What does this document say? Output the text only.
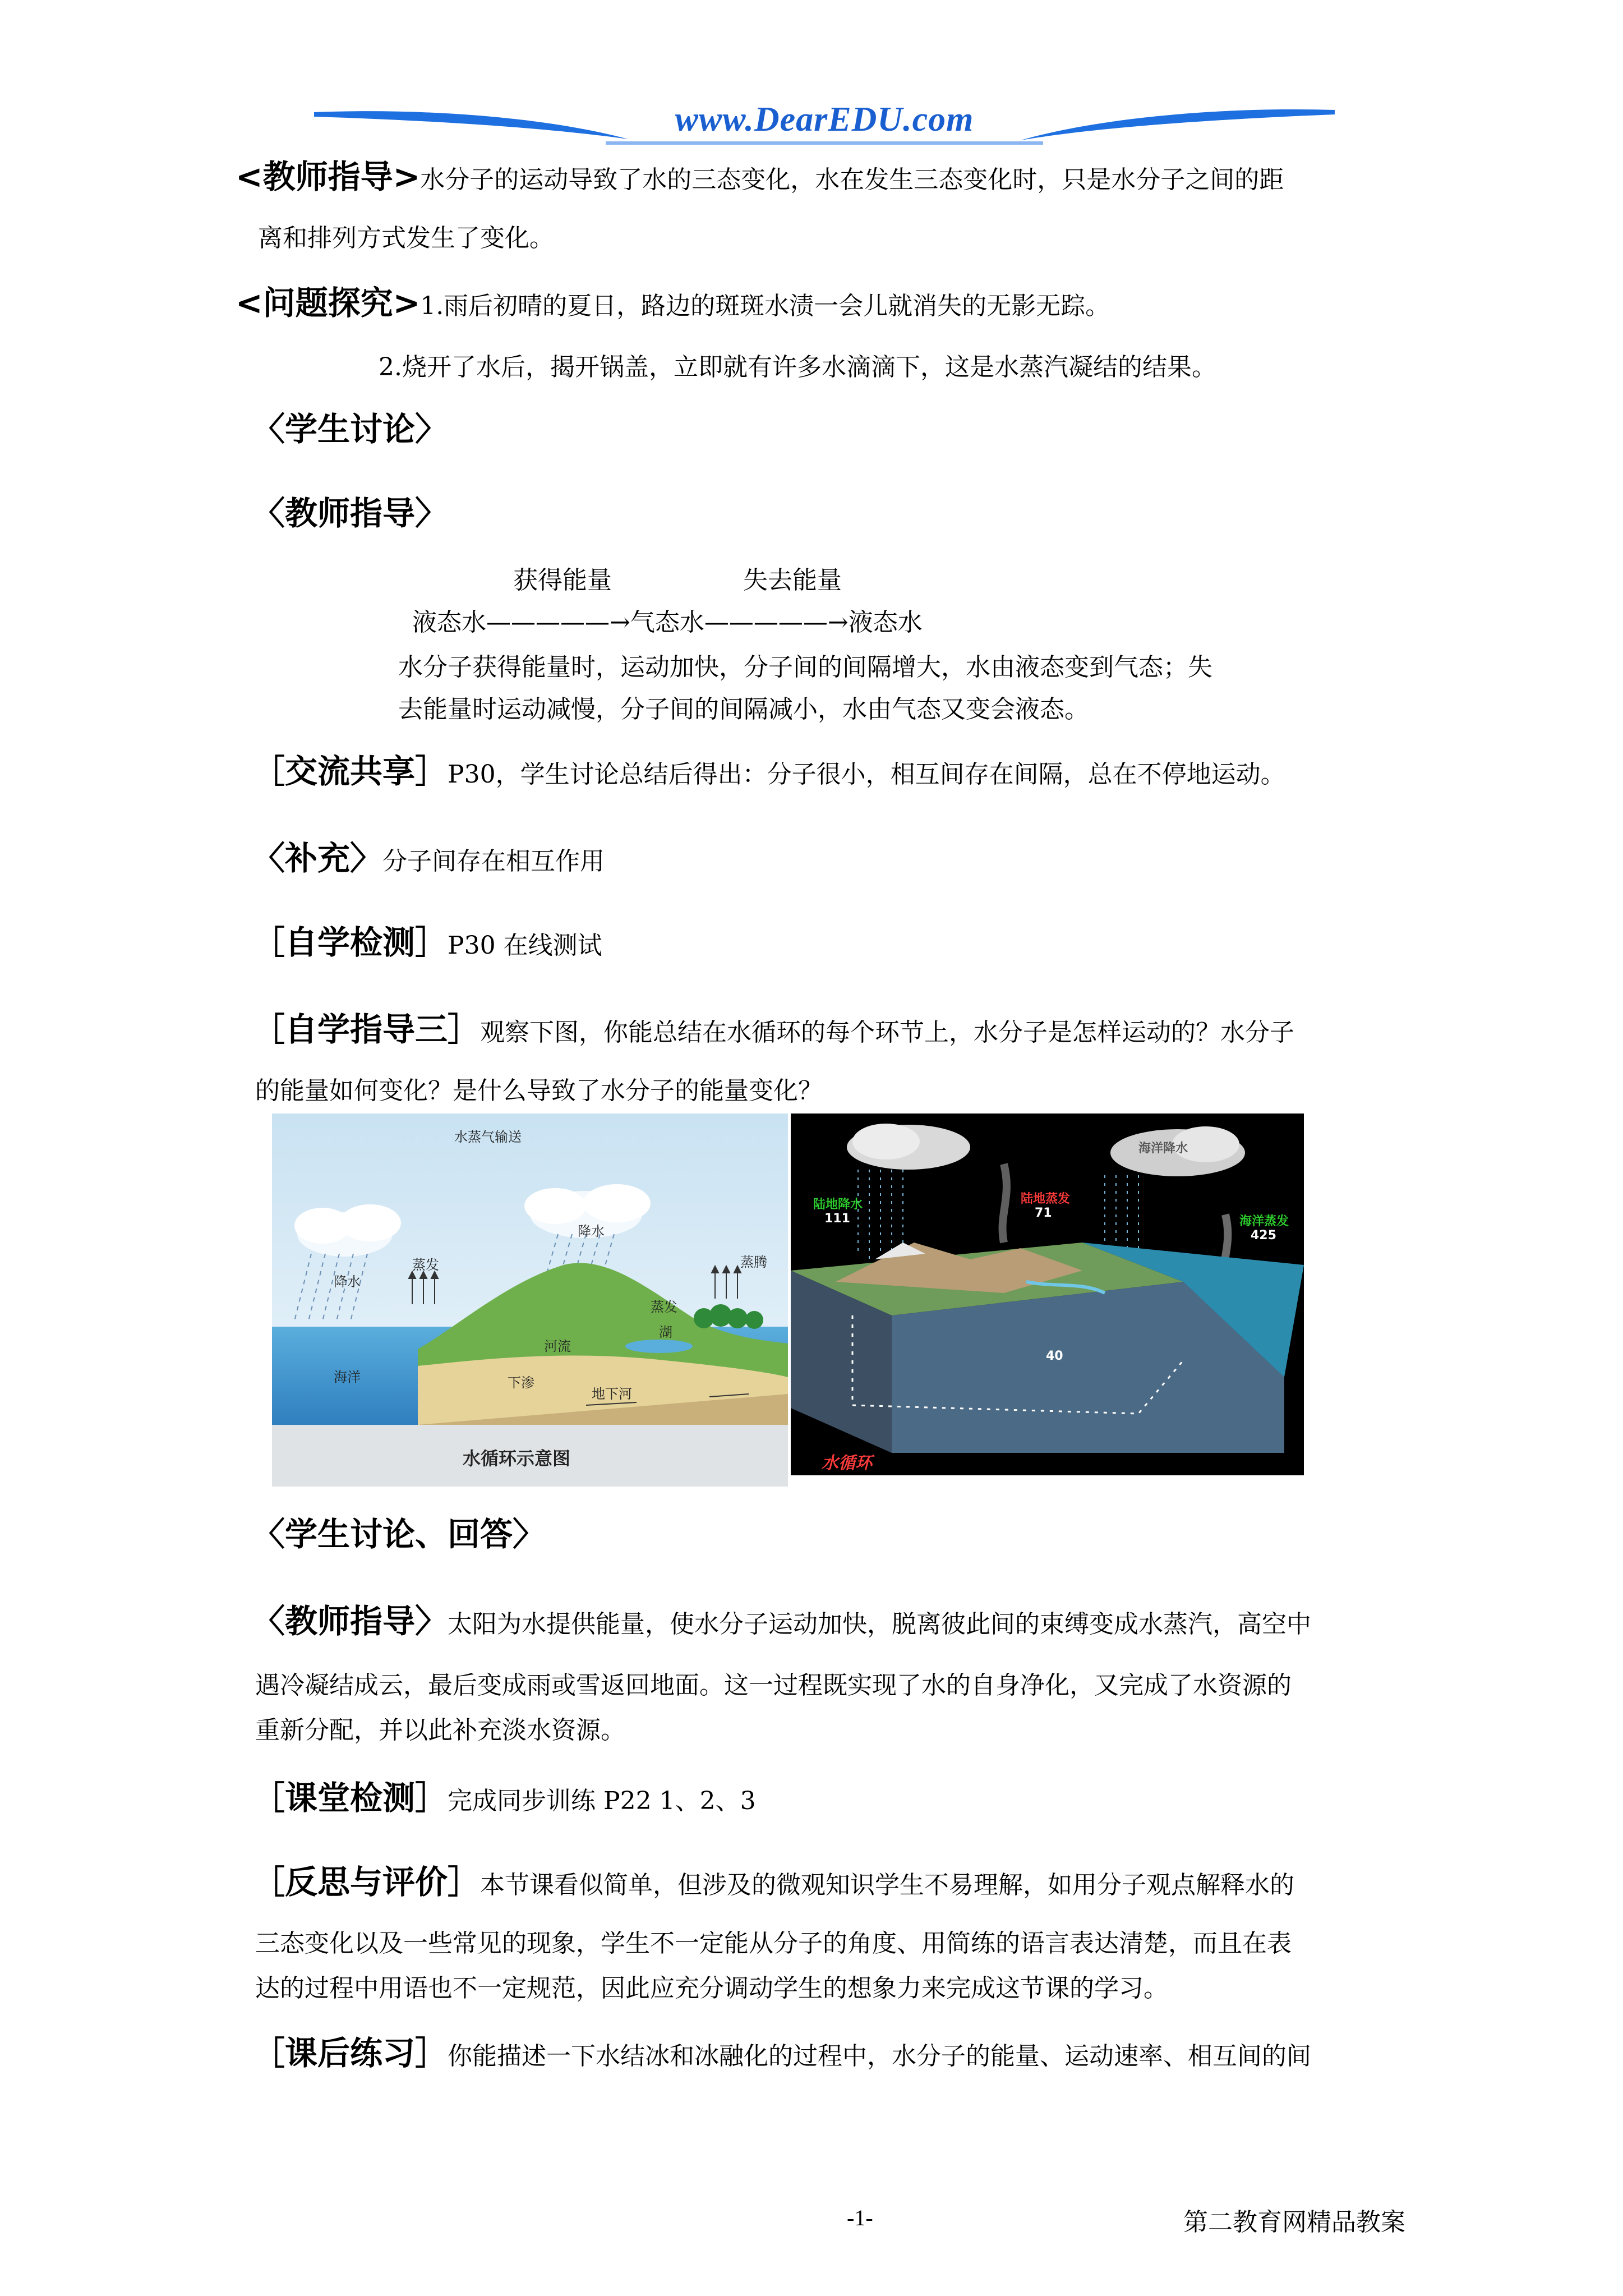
www.DearEDU.com
<教师指导>水分子的运动导致了水的三态变化，水在发生三态变化时，只是水分子之间的距
离和排列方式发生了变化。
<问题探究>1.雨后初晴的夏日，路边的斑斑水渍一会儿就消失的无影无踪。
2.烧开了水后，揭开锅盖，立即就有许多水滴滴下，这是水蒸汽凝结的结果。
〈学生讨论〉
〈教师指导〉
获得能量	失去能量
液态水—————→气态水—————→液态水
水分子获得能量时，运动加快，分子间的间隔增大，水由液态变到气态；失
去能量时运动减慢，分子间的间隔减小，水由气态又变会液态。
［交流共享］P30，学生讨论总结后得出：分子很小，相互间存在间隔，总在不停地运动。
〈补充〉分子间存在相互作用
［自学检测］P30 在线测试
［自学指导三］观察下图，你能总结在水循环的每个环节上，水分子是怎样运动的？水分子
的能量如何变化？是什么导致了水分子的能量变化？
水蒸气输送
降水
降水
蒸发
蒸发
蒸腾
河流
湖
海洋	下渗
地下河
水循环示意图
陆地降水
111
陆地蒸发
71
海洋降水
海洋蒸发
425
40
水循环
〈学生讨论、回答〉
〈教师指导〉太阳为水提供能量，使水分子运动加快，脱离彼此间的束缚变成水蒸汽，高空中
遇冷凝结成云，最后变成雨或雪返回地面。这一过程既实现了水的自身净化，又完成了水资源的
重新分配，并以此补充淡水资源。
［课堂检测］完成同步训练 P22 1、2、3
［反思与评价］本节课看似简单，但涉及的微观知识学生不易理解，如用分子观点解释水的
三态变化以及一些常见的现象，学生不一定能从分子的角度、用简练的语言表达清楚，而且在表
达的过程中用语也不一定规范，因此应充分调动学生的想象力来完成这节课的学习。
［课后练习］你能描述一下水结冰和冰融化的过程中，水分子的能量、运动速率、相互间的间
-1-	第二教育网精品教案
